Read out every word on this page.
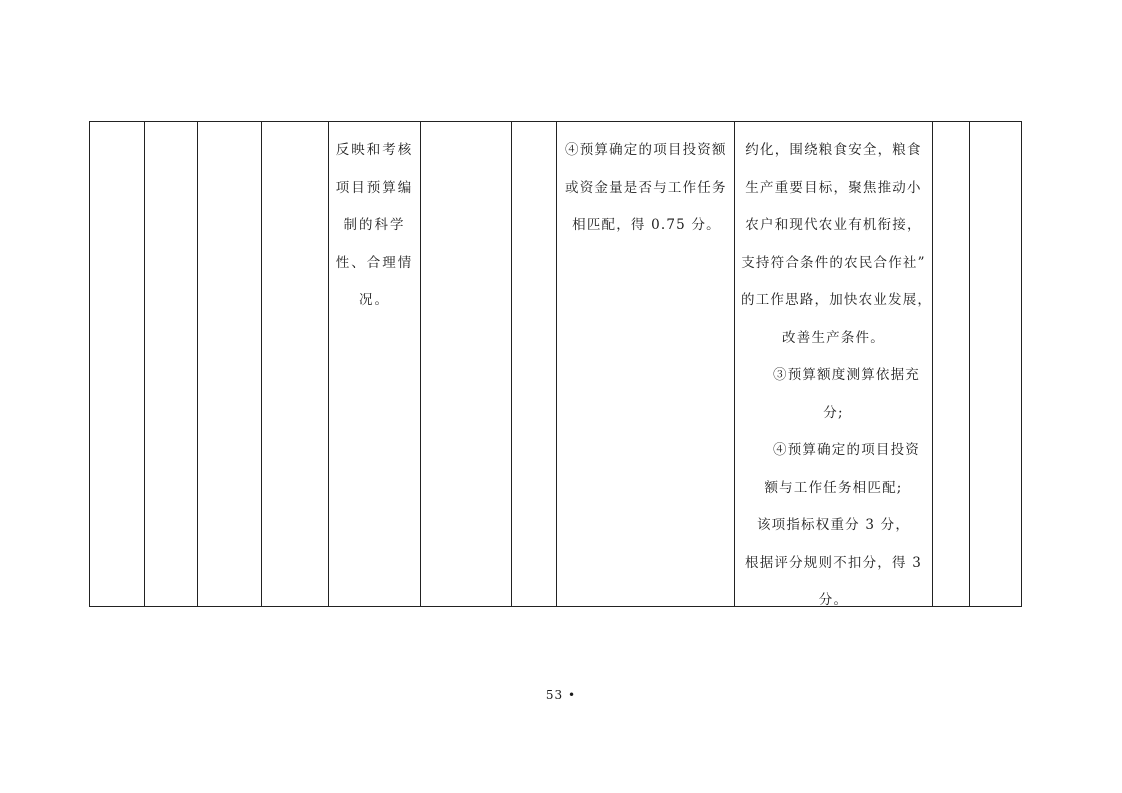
反映和考核
项目预算编
制的科学
性、合理情
况。
④预算确定的项目投资额
或资金量是否与工作任务
相匹配，得 0.75 分。
约化，围绕粮食安全，粮食
生产重要目标，聚焦推动小
农户和现代农业有机衔接，
支持符合条件的农民合作社”
的工作思路，加快农业发展，
改善生产条件。
③预算额度测算依据充
分;
④预算确定的项目投资
额与工作任务相匹配;
该项指标权重分 3 分，
根据评分规则不扣分，得 3
分。
53 •
